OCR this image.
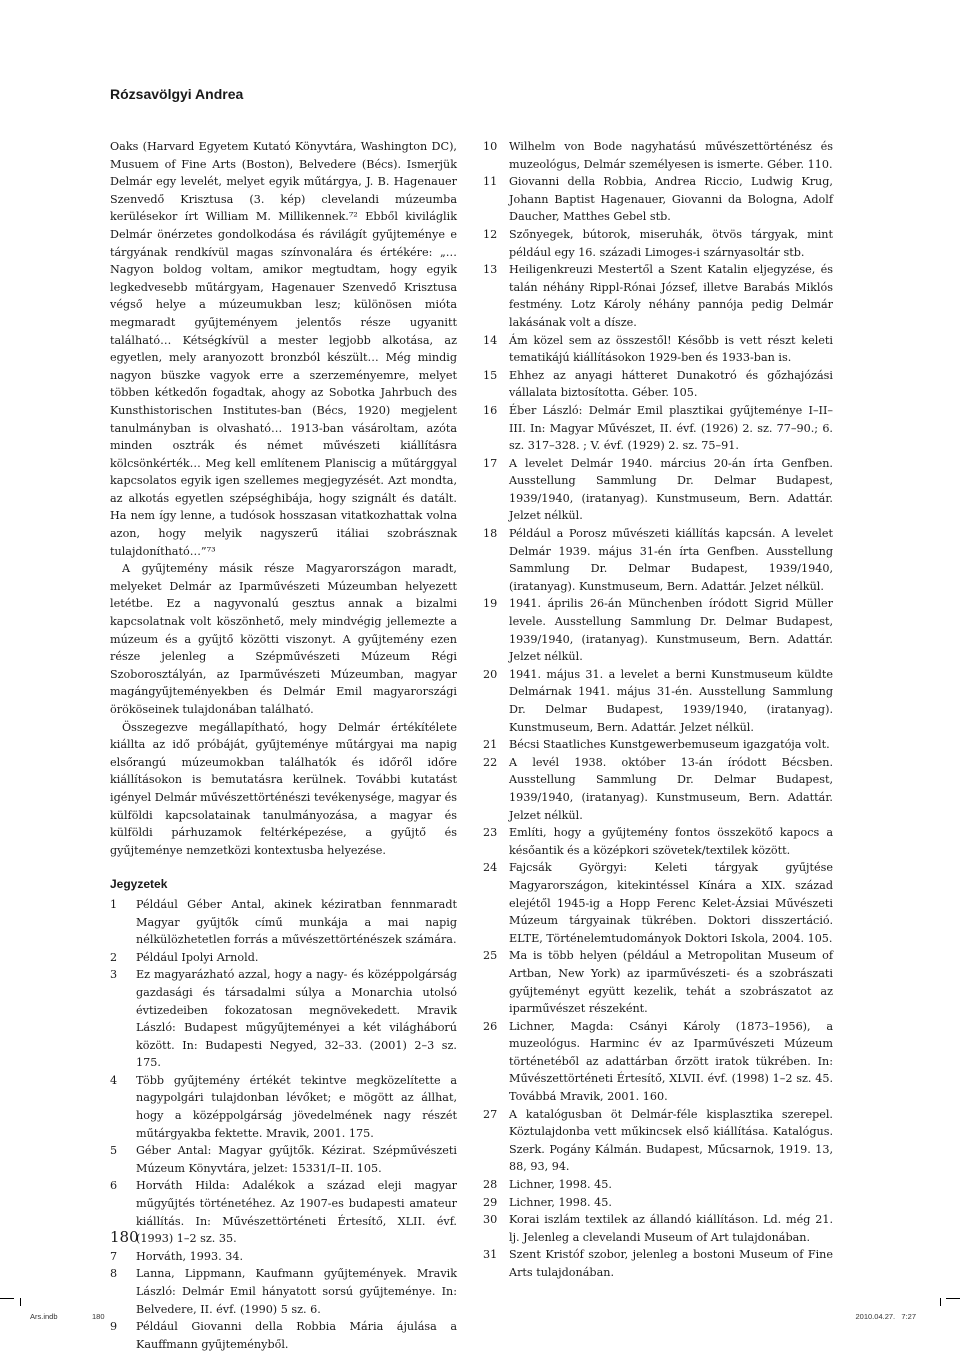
Rózsavölgyi Andrea

Oaks (Harvard Egyetem Kutató Könyvtára, Washington DC), Musuem of Fine Arts (Boston), Belvedere (Bécs). Ismerjük Delmár egy levelét, melyet egyik műtárgya, J. B. Hagenauer Szenvedő Krisztusa (3. kép) clevelandi múzeumba kerülésekor írt William M. Millikennek.⁷² Ebből kiviláglik Delmár önérzetes gondolkodása és rávilágít gyűjteménye e tárgyának rendkívül magas színvonalára és értékére: „…Nagyon boldog voltam, amikor megtudtam, hogy egyik legkedvesebb műtárgyam, Hagenauer Szenvedő Krisztusa végső helye a múzeumukban lesz; különösen mióta megmaradt gyűjteményem jelentős része ugyanitt található… Kétségkívül a mester legjobb alkotása, az egyetlen, mely aranyozott bronzból készült… Még mindig nagyon büszke vagyok erre a szerzeményemre, melyet többen kétkedőn fogadtak, ahogy az Sobotka Jahrbuch des Kunsthistorischen Institutes-ban (Bécs, 1920) megjelent tanulmányban is olvasható… 1913-ban vásároltam, azóta minden osztrák és német művészeti kiállításra kölcsönkérték… Meg kell említenem Planiscig a műtárggyal kapcsolatos egyik igen szellemes megjegyzését. Azt mondta, az alkotás egyetlen szépséghibája, hogy szignált és datált. Ha nem így lenne, a tudósok hosszasan vitatkozhattak volna azon, hogy melyik nagyszerű itáliai szobrásznak tulajdonítható…”⁷³

A gyűjtemény másik része Magyarországon maradt, melyeket Delmár az Iparművészeti Múzeumban helyezett letétbe. Ez a nagyvonalú gesztus annak a bizalmi kapcsolatnak volt köszönhető, mely mindvégig jellemezte a múzeum és a gyűjtő közötti viszonyt. A gyűjtemény ezen része jelenleg a Szépművészeti Múzeum Régi Szoborosztályán, az Iparművészeti Múzeumban, magyar magángyűjteményekben és Delmár Emil magyarországi örököseinek tulajdonában található.

Összegezve megállapítható, hogy Delmár értékítélete kiállta az idő próbáját, gyűjteménye műtárgyai ma napig elsőrangú múzeumokban találhatók és időről időre kiállításokon is bemutatásra kerülnek. További kutatást igényel Delmár művészettörténészi tevékenysége, magyar és külföldi kapcsolatainak tanulmányozása, a magyar és külföldi párhuzamok feltérképezése, a gyűjtő és gyűjteménye nemzetközi kontextusba helyezése.

Jegyzetek
1	Például Géber Antal, akinek kéziratban fennmaradt Magyar gyűjtők című munkája a mai napig nélkülözhetetlen forrás a művészettörténészek számára.
2	Például Ipolyi Arnold.
3	Ez magyarázható azzal, hogy a nagy- és középpolgárság gazdasági és társadalmi súlya a Monarchia utolsó évtizedeiben fokozatosan megnövekedett. Mravik László: Budapest műgyűjteményei a két világháború között. In: Budapesti Negyed, 32–33. (2001) 2–3 sz. 175.
4	Több gyűjtemény értékét tekintve megközelítette a nagypolgári tulajdonban lévőket; e mögött az állhat, hogy a középpolgárság jövedelmének nagy részét műtárgyakba fektette. Mravik, 2001. 175.
5	Géber Antal: Magyar gyűjtők. Kézirat. Szépművészeti Múzeum Könyvtára, jelzet: 15331/I–II. 105.
6	Horváth Hilda: Adalékok a század eleji magyar műgyűjtés történetéhez. Az 1907-es budapesti amateur kiállítás. In: Művészettörténeti Értesítő, XLII. évf. (1993) 1–2 sz. 35.
7	Horváth, 1993. 34.
8	Lanna, Lippmann, Kaufmann gyűjtemények. Mravik László: Delmár Emil hányatott sorsú gyűjteménye. In: Belvedere, II. évf. (1990) 5 sz. 6.
9	Például Giovanni della Robbia Mária ájulása a Kauffmann gyűjteményből.
10	Wilhelm von Bode nagyhatású művészettörténész és muzeológus, Delmár személyesen is ismerte. Géber. 110.
11	Giovanni della Robbia, Andrea Riccio, Ludwig Krug, Johann Baptist Hagenauer, Giovanni da Bologna, Adolf Daucher, Matthes Gebel stb.
12	Szőnyegek, bútorok, miseruhák, ötvös tárgyak, mint például egy 16. századi Limoges-i szárnyasoltár stb.
13	Heiligenkreuzi Mestertől a Szent Katalin eljegyzése, és talán néhány Rippl-Rónai József, illetve Barabás Miklós festmény. Lotz Károly néhány pannója pedig Delmár lakásának volt a dísze.
14	Ám közel sem az összestől! Később is vett részt keleti tematikájú kiállításokon 1929-ben és 1933-ban is.
15	Ehhez az anyagi hátteret Dunakotró és gőzhajózási vállalata biztosította. Géber. 105.
16	Éber László: Delmár Emil plasztikai gyűjteménye I–II–III. In: Magyar Művészet, II. évf. (1926) 2. sz. 77–90.; 6. sz. 317–328. ; V. évf. (1929) 2. sz. 75–91.
17	A levelet Delmár 1940. március 20-án írta Genfben. Ausstellung Sammlung Dr. Delmar Budapest, 1939/1940, (iratanyag). Kunstmuseum, Bern. Adattár. Jelzet nélkül.
18	Például a Porosz művészeti kiállítás kapcsán. A levelet Delmár 1939. május 31-én írta Genfben. Ausstellung Sammlung Dr. Delmar Budapest, 1939/1940, (iratanyag). Kunstmuseum, Bern. Adattár. Jelzet nélkül.
19	1941. április 26-án Münchenben íródott Sigrid Müller levele. Ausstellung Sammlung Dr. Delmar Budapest, 1939/1940, (iratanyag). Kunstmuseum, Bern. Adattár. Jelzet nélkül.
20	1941. május 31. a levelet a berni Kunstmuseum küldte Delmárnak 1941. május 31-én. Ausstellung Sammlung Dr. Delmar Budapest, 1939/1940, (iratanyag). Kunstmuseum, Bern. Adattár. Jelzet nélkül.
21	Bécsi Staatliches Kunstgewerbemuseum igazgatója volt.
22	A levél 1938. október 13-án íródott Bécsben. Ausstellung Sammlung Dr. Delmar Budapest, 1939/1940, (iratanyag). Kunstmuseum, Bern. Adattár. Jelzet nélkül.
23	Említi, hogy a gyűjtemény fontos összekötő kapocs a későantik és a középkori szövetek/textilek között.
24	Fajcsák Györgyi: Keleti tárgyak gyűjtése Magyarországon, kitekintéssel Kínára a XIX. század elejétől 1945-ig a Hopp Ferenc Kelet-Ázsiai Művészeti Múzeum tárgyainak tükrében. Doktori disszertáció. ELTE, Történelemtudományok Doktori Iskola, 2004. 105.
25	Ma is több helyen (például a Metropolitan Museum of Artban, New York) az iparművészeti- és a szobrászati gyűjteményt együtt kezelik, tehát a szobrászatot az iparművészet részeként.
26	Lichner, Magda: Csányi Károly (1873–1956), a muzeológus. Harminc év az Iparművészeti Múzeum történetéből az adattárban őrzött iratok tükrében. In: Művészettörténeti Értesítő, XLVII. évf. (1998) 1–2 sz. 45. Továbbá Mravik, 2001. 160.
27	A katalógusban öt Delmár-féle kisplasztika szerepel. Köztulajdonba vett műkincsek első kiállítása. Katalógus. Szerk. Pogány Kálmán. Budapest, Műcsarnok, 1919. 13, 88, 93, 94.
28	Lichner, 1998. 45.
29	Lichner, 1998. 45.
30	Korai iszlám textilek az állandó kiállításon. Ld. még 21. lj. Jelenleg a clevelandi Museum of Art tulajdonában.
31	Szent Kristóf szobor, jelenleg a bostoni Museum of Fine Arts tulajdonában.
180
Ars.indb	180	2010.04.27. 7:27
